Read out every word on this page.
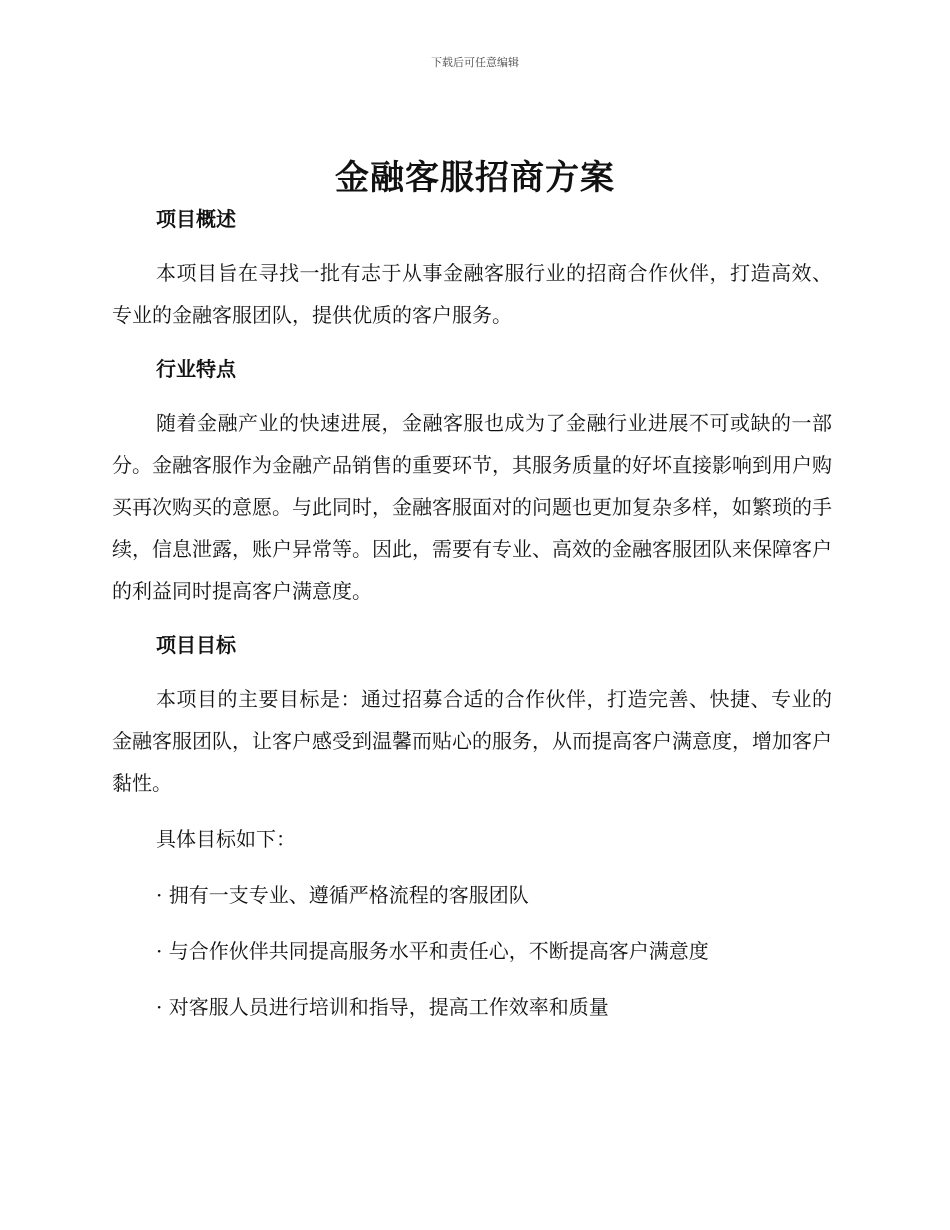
下载后可任意编辑
金融客服招商方案
项目概述

本项目旨在寻找一批有志于从事金融客服行业的招商合作伙伴，打造高效、专业的金融客服团队，提供优质的客户服务。

行业特点

随着金融产业的快速进展，金融客服也成为了金融行业进展不可或缺的一部分。金融客服作为金融产品销售的重要环节，其服务质量的好坏直接影响到用户购买再次购买的意愿。与此同时，金融客服面对的问题也更加复杂多样，如繁琐的手续，信息泄露，账户异常等。因此，需要有专业、高效的金融客服团队来保障客户的利益同时提高客户满意度。

项目目标

本项目的主要目标是：通过招募合适的合作伙伴，打造完善、快捷、专业的金融客服团队，让客户感受到温馨而贴心的服务，从而提高客户满意度，增加客户黏性。

具体目标如下：

· 拥有一支专业、遵循严格流程的客服团队

· 与合作伙伴共同提高服务水平和责任心，不断提高客户满意度

· 对客服人员进行培训和指导，提高工作效率和质量
